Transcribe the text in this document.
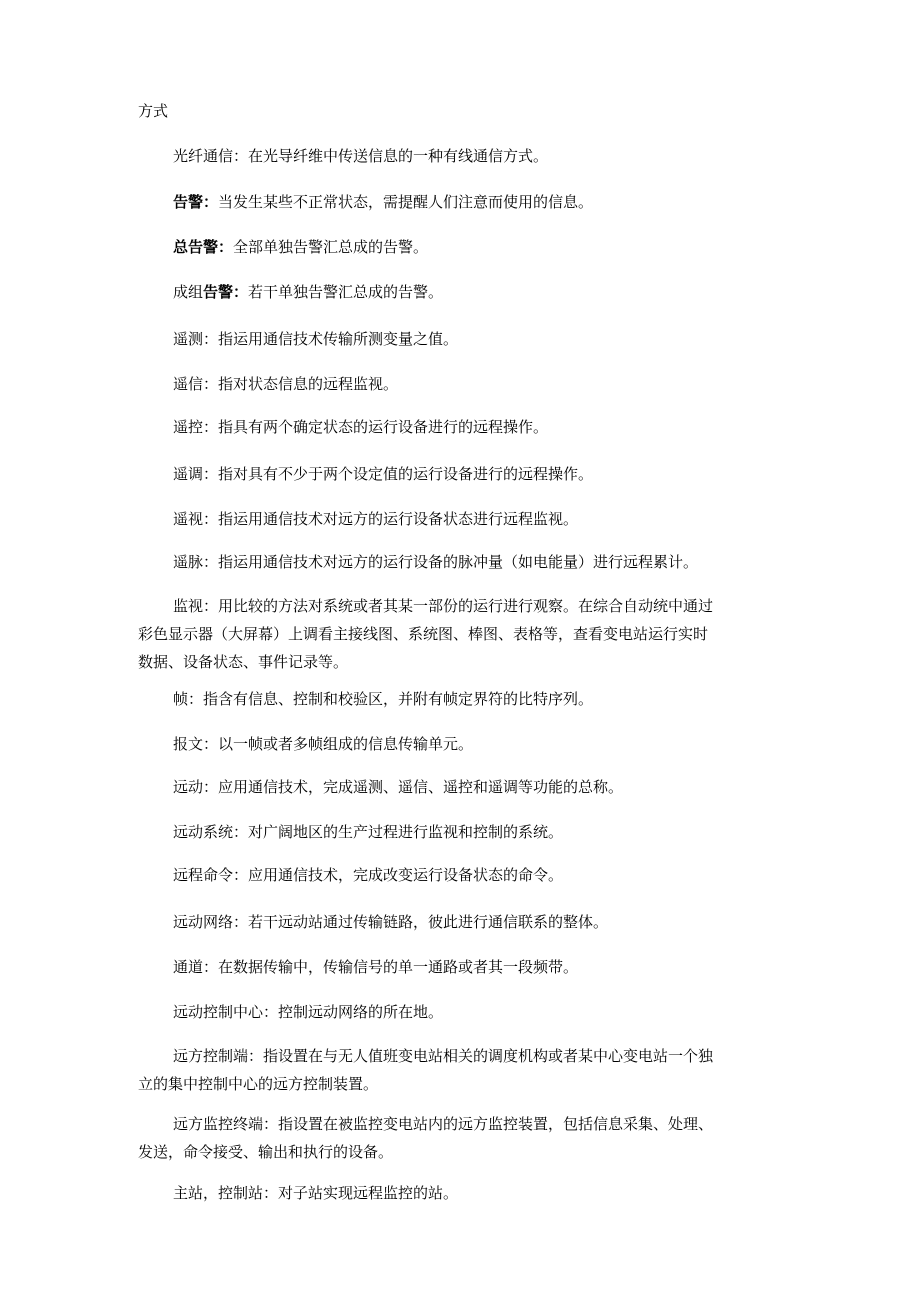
方式
光纤通信：在光导纤维中传送信息的一种有线通信方式。
告警：当发生某些不正常状态，需提醒人们注意而使用的信息。
总告警：全部单独告警汇总成的告警。
成组告警：若干单独告警汇总成的告警。
遥测：指运用通信技术传输所测变量之值。
遥信：指对状态信息的远程监视。
遥控：指具有两个确定状态的运行设备进行的远程操作。
遥调：指对具有不少于两个设定值的运行设备进行的远程操作。
遥视：指运用通信技术对远方的运行设备状态进行远程监视。
遥脉：指运用通信技术对远方的运行设备的脉冲量（如电能量）进行远程累计。
监视：用比较的方法对系统或者其某一部份的运行进行观察。在综合自动统中通过
彩色显示器（大屏幕）上调看主接线图、系统图、棒图、表格等，查看变电站运行实时
数据、设备状态、事件记录等。
帧：指含有信息、控制和校验区，并附有帧定界符的比特序列。
报文：以一帧或者多帧组成的信息传输单元。
远动：应用通信技术，完成遥测、遥信、遥控和遥调等功能的总称。
远动系统：对广阔地区的生产过程进行监视和控制的系统。
远程命令：应用通信技术，完成改变运行设备状态的命令。
远动网络：若干远动站通过传输链路，彼此进行通信联系的整体。
通道：在数据传输中，传输信号的单一通路或者其一段频带。
远动控制中心：控制远动网络的所在地。
远方控制端：指设置在与无人值班变电站相关的调度机构或者某中心变电站一个独
立的集中控制中心的远方控制装置。
远方监控终端：指设置在被监控变电站内的远方监控装置，包括信息采集、处理、
发送，命令接受、输出和执行的设备。
主站，控制站：对子站实现远程监控的站。
